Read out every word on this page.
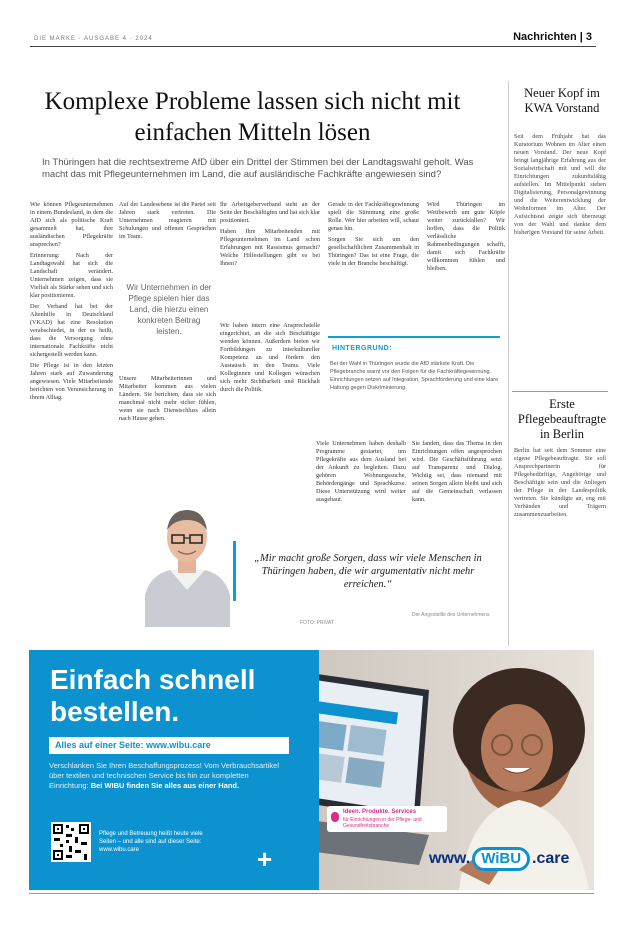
DIE MARKE · AUSGABE 4 · 2024	Nachrichten | 3
Komplexe Probleme lassen sich nicht mit einfachen Mitteln lösen
In Thüringen hat die rechtsextreme AfD über ein Drittel der Stimmen bei der Landtagswahl geholt. Was macht das mit Pflegeunternehmen im Land, die auf ausländische Fachkräfte angewiesen sind?

Wie können Pflegeunternehmen in einem Bundesland, in dem die AfD sich als politische Kraft gesammelt hat, ihre ausländischen Pflegekräfte ansprechen?

Erinnerung: Nach der Landtagswahl hat sich die Landschaft verändert. Unternehmen zeigen, dass sie Vielfalt als Stärke sehen und sich klar positionieren.

Der Verband hat bei der Altenhilfe in Deutschland (VKAD) hat eine Resolution verabschiedet, in der es heißt, dass die Versorgung ohne internationale Fachkräfte nicht sichergestellt werden kann.

Die Pflege ist in den letzten Jahren stark auf Zuwanderung angewiesen. Viele Mitarbeitende berichten von Verunsicherung in ihrem Alltag.

Auf der Landesebene ist die Partei seit Jahren stark vertreten. Die Unternehmen reagieren mit Schulungen und offenen Gesprächen im Team.

Wir Unternehmen in der Pflege spielen hier das Land, die hierzu einen konkreten Beitrag leisten.

Unsere Mitarbeiterinnen und Mitarbeiter kommen aus vielen Ländern. Sie berichten, dass sie sich manchmal nicht mehr sicher fühlen, wenn sie nach Dienstschluss allein nach Hause gehen.

Ihr Arbeitgeberverband steht an der Seite der Beschäftigten und hat sich klar positioniert.

Haben Ihre Mitarbeitenden mit Pflegeunternehmen im Land schon Erfahrungen mit Rassismus gemacht? Welche Hilfestellungen gibt es bei Ihnen?

Wir haben intern eine Ansprechstelle eingerichtet, an die sich Beschäftigte wenden können. Außerdem bieten wir Fortbildungen zu interkultureller Kompetenz an und fördern den Austausch in den Teams. Viele Kolleginnen und Kollegen wünschen sich mehr Sichtbarkeit und Rückhalt durch die Politik.

Gerade in der Fachkräftegewinnung spielt die Stimmung eine große Rolle. Wer hier arbeiten will, schaut genau hin.

Sorgen Sie sich um den gesellschaftlichen Zusammenhalt in Thüringen? Das ist eine Frage, die viele in der Branche beschäftigt.

Wird Thüringen im Wettbewerb um gute Köpfe weiter zurückfallen? Wir hoffen, dass die Politik verlässliche Rahmenbedingungen schafft, damit sich Fachkräfte willkommen fühlen und bleiben.

HINTERGRUND:
Bei der Wahl in Thüringen wurde die AfD stärkste Kraft. Die Pflegebranche warnt vor den Folgen für die Fachkräftegewinnung. Einrichtungen setzen auf Integration, Sprachförderung und eine klare Haltung gegen Diskriminierung.

Viele Unternehmen haben deshalb Programme gestartet, um Pflegekräfte aus dem Ausland bei der Ankunft zu begleiten. Dazu gehören Wohnungssuche, Behördengänge und Sprachkurse. Diese Unterstützung wird weiter ausgebaut.

Sie fanden, dass das Thema in den Einrichtungen offen angesprochen wird. Die Geschäftsführung setzt auf Transparenz und Dialog. Wichtig sei, dass niemand mit seinen Sorgen allein bleibt und sich auf die Gemeinschaft verlassen kann.

„Mir macht große Sorgen, dass wir viele Menschen in Thüringen haben, die wir argumentativ nicht mehr erreichen.“
FOTO: PRIVAT
Der Angestellte des Unternehmens
Neuer Kopf im KWA Vorstand
Seit dem Frühjahr hat das Kuratorium Wohnen im Alter einen neuen Vorstand. Der neue Kopf bringt langjährige Erfahrung aus der Sozialwirtschaft mit und will die Einrichtungen zukunftsfähig aufstellen. Im Mittelpunkt stehen Digitalisierung, Personalgewinnung und die Weiterentwicklung der Wohnformen im Alter. Der Aufsichtsrat zeigte sich überzeugt von der Wahl und dankte dem bisherigen Vorstand für seine Arbeit.
Erste Pflegebeauftragte in Berlin
Berlin hat seit dem Sommer eine eigene Pflegebeauftragte. Sie soll Ansprechpartnerin für Pflegebedürftige, Angehörige und Beschäftigte sein und die Anliegen der Pflege in der Landespolitik vertreten. Sie kündigte an, eng mit Verbänden und Trägern zusammenzuarbeiten.
Einfach schnell
bestellen.
Alles auf einer Seite: www.wibu.care
Verschlanken Sie Ihren Beschaffungsprozess! Vom Verbrauchsartikel über textilen und technischen Service bis hin zur kompletten Einrichtung: Bei WIBU finden Sie alles aus einer Hand.
Pflege und Betreuung heißt heute viele Seiten – und alle sind auf dieser Seite: www.wibu.care	+
Ideen. Produkte. Services
für Einrichtungen in der Pflege- und Gesundheitsbranche
www. WiBU .care
